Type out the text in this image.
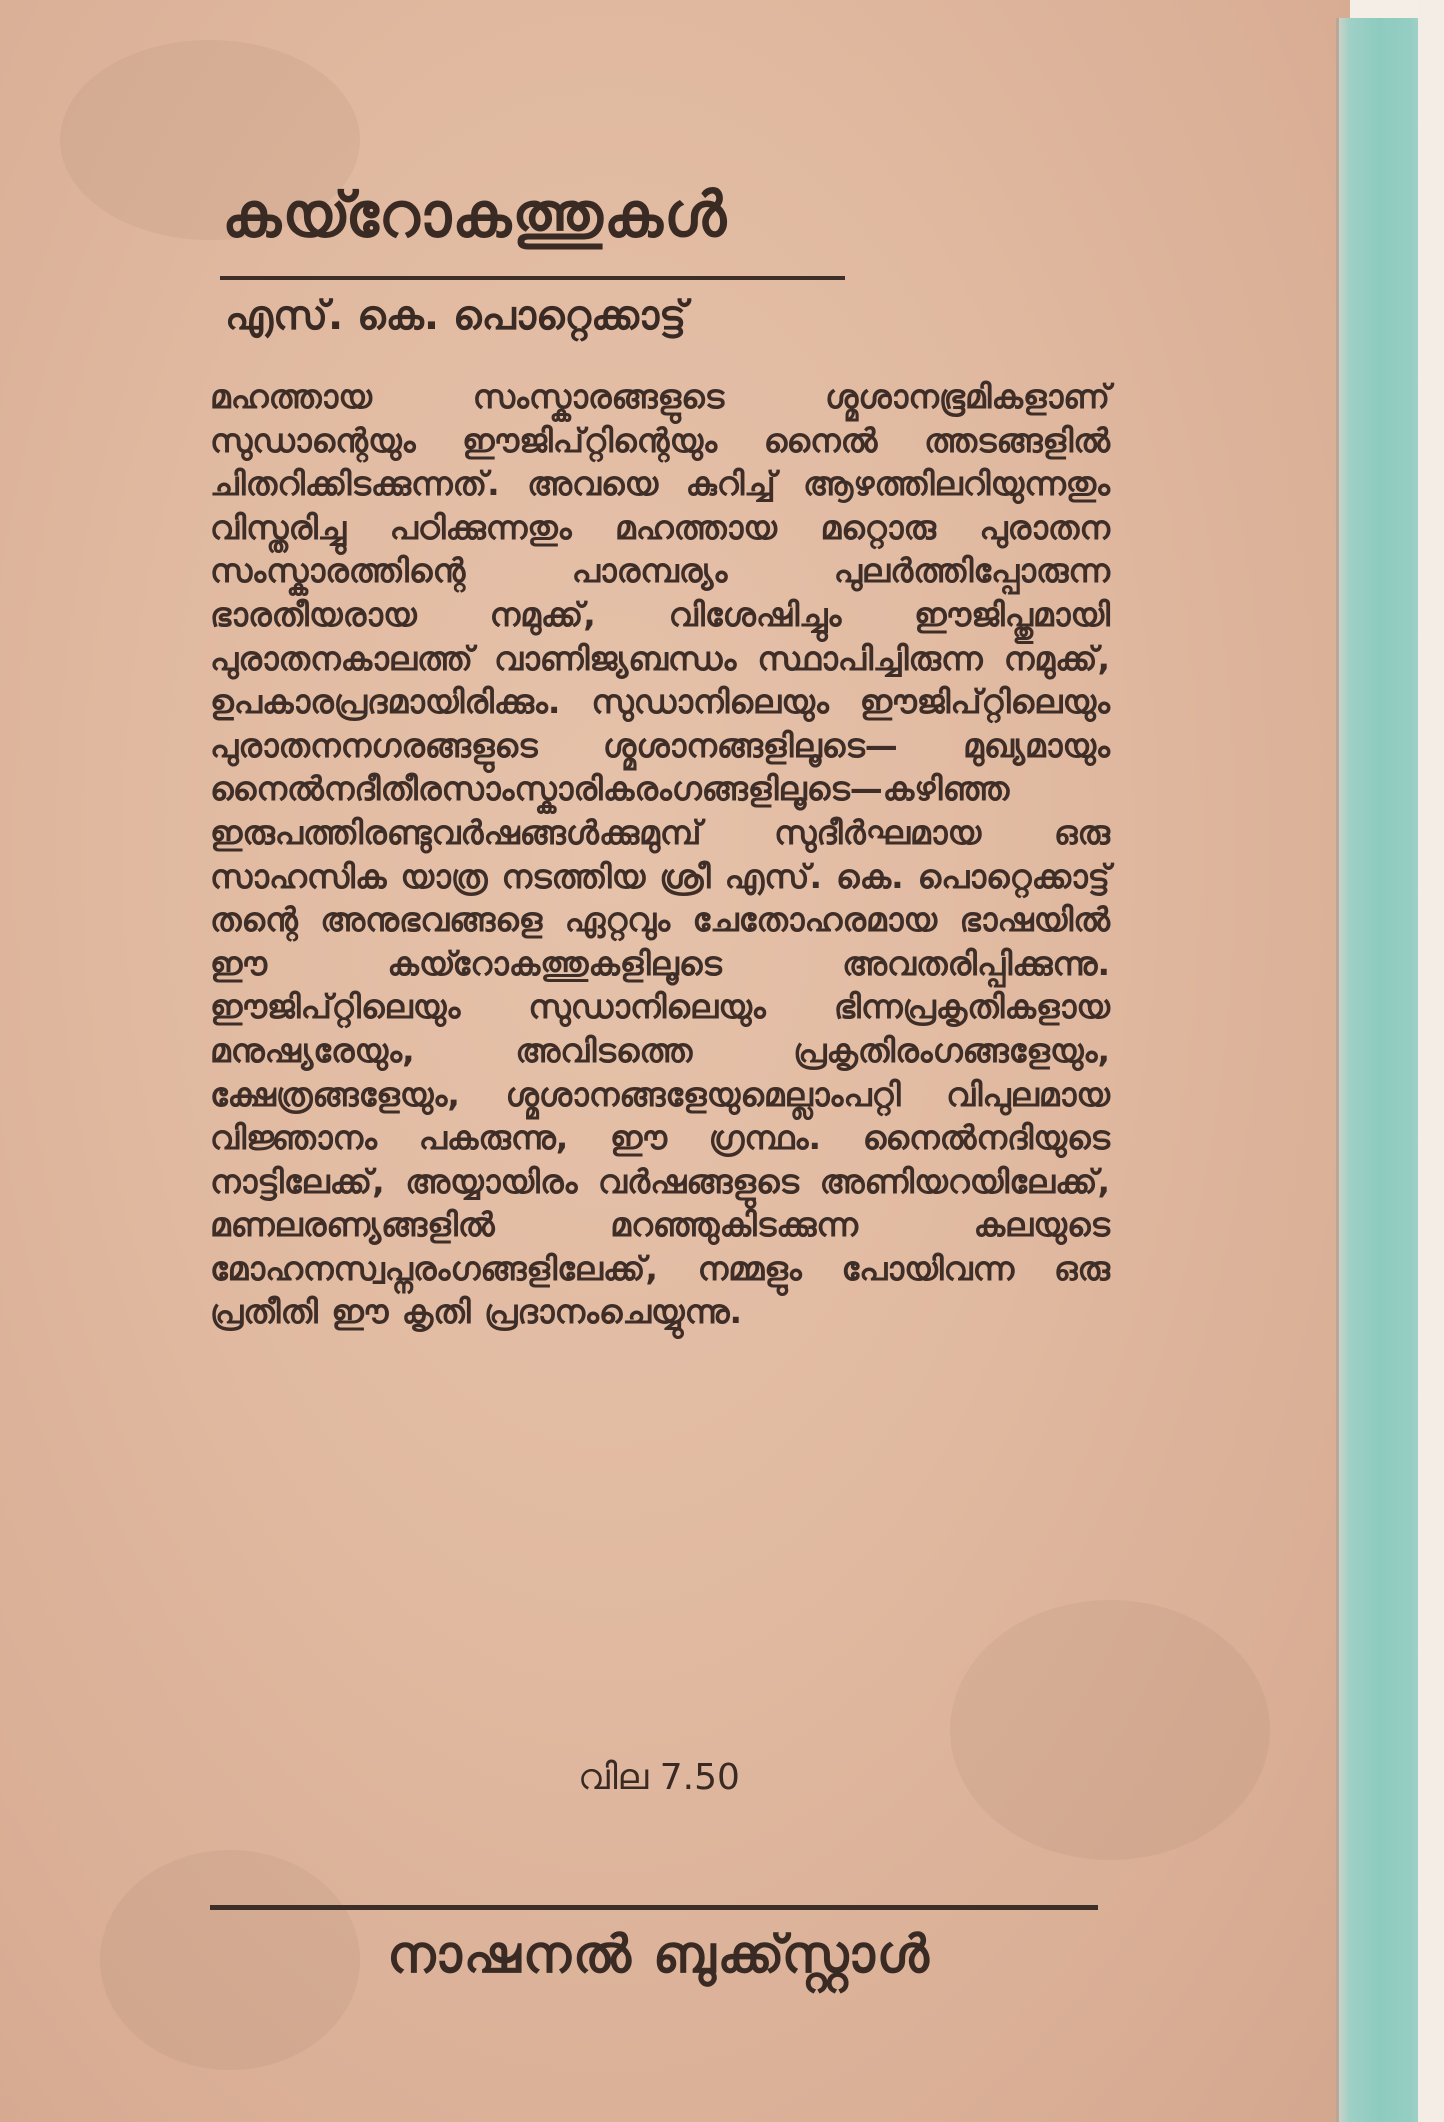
കയ്റോകത്തുകൾ
എസ്. കെ. പൊറ്റെക്കാട്ട്

മഹത്തായ സംസ്കാരങ്ങളുടെ ശ്മശാനഭൂമികളാണ് സുഡാന്റെയും ഈജിപ്റ്റിന്റെയും നൈൽ ത്തടങ്ങളിൽ ചിതറിക്കിടക്കുന്നത്. അവയെ കുറിച്ച് ആഴത്തിലറിയുന്നതും വിസ്തരിച്ചു പഠിക്കുന്നതും മഹത്തായ മറ്റൊരു പുരാതന സംസ്കാരത്തിന്റെ പാരമ്പര്യം പുലർത്തിപ്പോരുന്ന ഭാരതീയരായ നമുക്ക്, വിശേഷിച്ചും ഈജിപ്തുമായി പുരാതനകാലത്ത് വാണിജ്യബന്ധം സ്ഥാപിച്ചിരുന്ന നമുക്ക്, ഉപകാരപ്രദമായിരിക്കും. സുഡാനിലെയും ഈജിപ്റ്റിലെയും പുരാതനനഗരങ്ങളുടെ ശ്മശാനങ്ങളിലൂടെ— മുഖ്യമായും നൈൽനദീതീരസാംസ്കാരികരംഗങ്ങളിലൂടെ—കഴിഞ്ഞ ഇരുപത്തിരണ്ടുവർഷങ്ങൾക്കുമുമ്പ് സുദീർഘമായ ഒരു സാഹസിക യാത്ര നടത്തിയ ശ്രീ എസ്. കെ. പൊറ്റെക്കാട്ട് തന്റെ അനുഭവങ്ങളെ ഏറ്റവും ചേതോഹരമായ ഭാഷയിൽ ഈ കയ്റോകത്തുകളിലൂടെ അവതരിപ്പിക്കുന്നു. ഈജിപ്റ്റിലെയും സുഡാനിലെയും ഭിന്നപ്രകൃതികളായ മനുഷ്യരേയും, അവിടത്തെ പ്രകൃതിരംഗങ്ങളേയും, ക്ഷേത്രങ്ങളേയും, ശ്മശാനങ്ങളേയുമെല്ലാംപറ്റി വിപുലമായ വിജ്ഞാനം പകരുന്നു, ഈ ഗ്രന്ഥം. നൈൽനദിയുടെ നാട്ടിലേക്ക്, അയ്യായിരം വർഷങ്ങളുടെ അണിയറയിലേക്ക്, മണലരണ്യങ്ങളിൽ മറഞ്ഞുകിടക്കുന്ന കലയുടെ മോഹനസ്വപ്നരംഗങ്ങളിലേക്ക്, നമ്മളും പോയിവന്ന ഒരു പ്രതീതി ഈ കൃതി പ്രദാനംചെയ്യുന്നു.

വില 7.50
നാഷനൽ ബുക്ക്സ്റ്റാൾ
